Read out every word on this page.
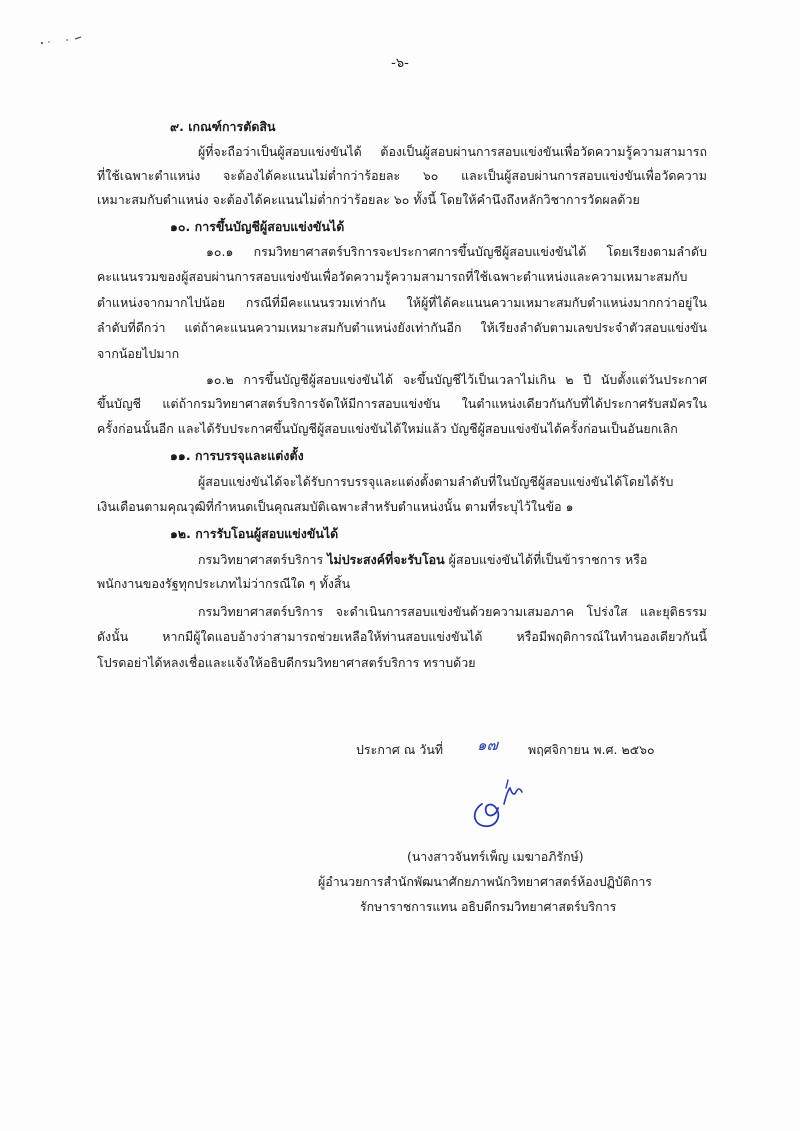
-๖-
๙. เกณฑ์การตัดสิน
ผู้ที่จะถือว่าเป็นผู้สอบแข่งขันได้ ต้องเป็นผู้สอบผ่านการสอบแข่งขันเพื่อวัดความรู้ความสามารถ
ที่ใช้เฉพาะตำแหน่ง จะต้องได้คะแนนไม่ต่ำกว่าร้อยละ ๖๐ และเป็นผู้สอบผ่านการสอบแข่งขันเพื่อวัดความ
เหมาะสมกับตำแหน่ง จะต้องได้คะแนนไม่ต่ำกว่าร้อยละ ๖๐ ทั้งนี้ โดยให้คำนึงถึงหลักวิชาการวัดผลด้วย
๑๐. การขึ้นบัญชีผู้สอบแข่งขันได้
๑๐.๑ กรมวิทยาศาสตร์บริการจะประกาศการขึ้นบัญชีผู้สอบแข่งขันได้ โดยเรียงตามลำดับ
คะแนนรวมของผู้สอบผ่านการสอบแข่งขันเพื่อวัดความรู้ความสามารถที่ใช้เฉพาะตำแหน่งและความเหมาะสมกับ
ตำแหน่งจากมากไปน้อย กรณีที่มีคะแนนรวมเท่ากัน ให้ผู้ที่ได้คะแนนความเหมาะสมกับตำแหน่งมากกว่าอยู่ใน
ลำดับที่ดีกว่า แต่ถ้าคะแนนความเหมาะสมกับตำแหน่งยังเท่ากันอีก ให้เรียงลำดับตามเลขประจำตัวสอบแข่งขัน
จากน้อยไปมาก
๑๐.๒ การขึ้นบัญชีผู้สอบแข่งขันได้ จะขึ้นบัญชีไว้เป็นเวลาไม่เกิน ๒ ปี นับตั้งแต่วันประกาศ
ขึ้นบัญชี แต่ถ้ากรมวิทยาศาสตร์บริการจัดให้มีการสอบแข่งขัน ในตำแหน่งเดียวกันกับที่ได้ประกาศรับสมัครใน
ครั้งก่อนนั้นอีก และได้รับประกาศขึ้นบัญชีผู้สอบแข่งขันได้ใหม่แล้ว บัญชีผู้สอบแข่งขันได้ครั้งก่อนเป็นอันยกเลิก
๑๑. การบรรจุและแต่งตั้ง
ผู้สอบแข่งขันได้จะได้รับการบรรจุและแต่งตั้งตามลำดับที่ในบัญชีผู้สอบแข่งขันได้โดยได้รับ
เงินเดือนตามคุณวุฒิที่กำหนดเป็นคุณสมบัติเฉพาะสำหรับตำแหน่งนั้น ตามที่ระบุไว้ในข้อ ๑
๑๒. การรับโอนผู้สอบแข่งขันได้
กรมวิทยาศาสตร์บริการ ไม่ประสงค์ที่จะรับโอน ผู้สอบแข่งขันได้ที่เป็นข้าราชการ หรือ
พนักงานของรัฐทุกประเภทไม่ว่ากรณีใด ๆ ทั้งสิ้น
กรมวิทยาศาสตร์บริการ จะดำเนินการสอบแข่งขันด้วยความเสมอภาค โปร่งใส และยุติธรรม
ดังนั้น หากมีผู้ใดแอบอ้างว่าสามารถช่วยเหลือให้ท่านสอบแข่งขันได้ หรือมีพฤติการณ์ในทำนองเดียวกันนี้
โปรดอย่าได้หลงเชื่อและแจ้งให้อธิบดีกรมวิทยาศาสตร์บริการ ทราบด้วย
ประกาศ ณ วันที่ ๑๗ พฤศจิกายน พ.ศ. ๒๕๖๐
(นางสาวจันทร์เพ็ญ เมฆาอภิรักษ์)
ผู้อำนวยการสำนักพัฒนาศักยภาพนักวิทยาศาสตร์ห้องปฏิบัติการ
รักษาราชการแทน อธิบดีกรมวิทยาศาสตร์บริการ
